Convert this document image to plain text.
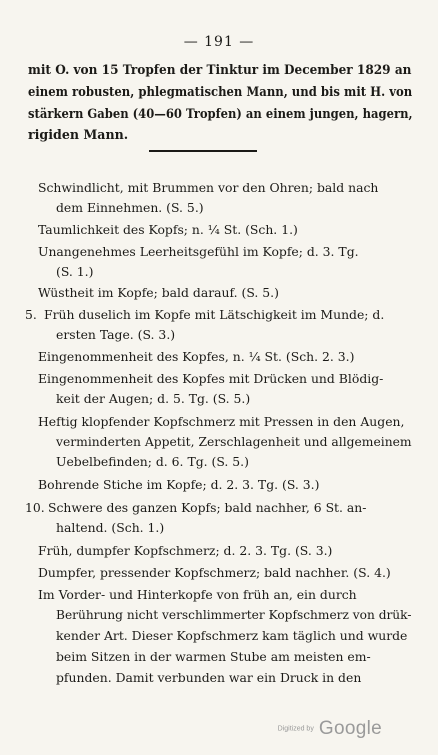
— 191 —
mit O. von 15 Tropfen der Tinktur im December 1829 an
einem robusten, phlegmatischen Mann, und bis mit H. von
stärkern Gaben (40—60 Tropfen) an einem jungen, hagern,
rigiden Mann.
Schwindlicht, mit Brummen vor den Ohren; bald nach
dem Einnehmen. (S. 5.)
Taumlichkeit des Kopfs; n. ¼ St. (Sch. 1.)
Unangenehmes Leerheitsgefühl im Kopfe; d. 3. Tg.
(S. 1.)
Wüstheit im Kopfe; bald darauf. (S. 5.)
5. Früh duselich im Kopfe mit Lätschigkeit im Munde; d.
ersten Tage. (S. 3.)
Eingenommenheit des Kopfes, n. ¼ St. (Sch. 2. 3.)
Eingenommenheit des Kopfes mit Drücken und Blödig-
keit der Augen; d. 5. Tg. (S. 5.)
Heftig klopfender Kopfschmerz mit Pressen in den Augen,
verminderten Appetit, Zerschlagenheit und allgemeinem
Uebelbefinden; d. 6. Tg. (S. 5.)
Bohrende Stiche im Kopfe; d. 2. 3. Tg. (S. 3.)
10. Schwere des ganzen Kopfs; bald nachher, 6 St. an-
haltend. (Sch. 1.)
Früh, dumpfer Kopfschmerz; d. 2. 3. Tg. (S. 3.)
Dumpfer, pressender Kopfschmerz; bald nachher. (S. 4.)
Im Vorder- und Hinterkopfe von früh an, ein durch
Berührung nicht verschlimmerter Kopfschmerz von drük-
kender Art. Dieser Kopfschmerz kam täglich und wurde
beim Sitzen in der warmen Stube am meisten em-
pfunden. Damit verbunden war ein Druck in den
Digitized by Google
